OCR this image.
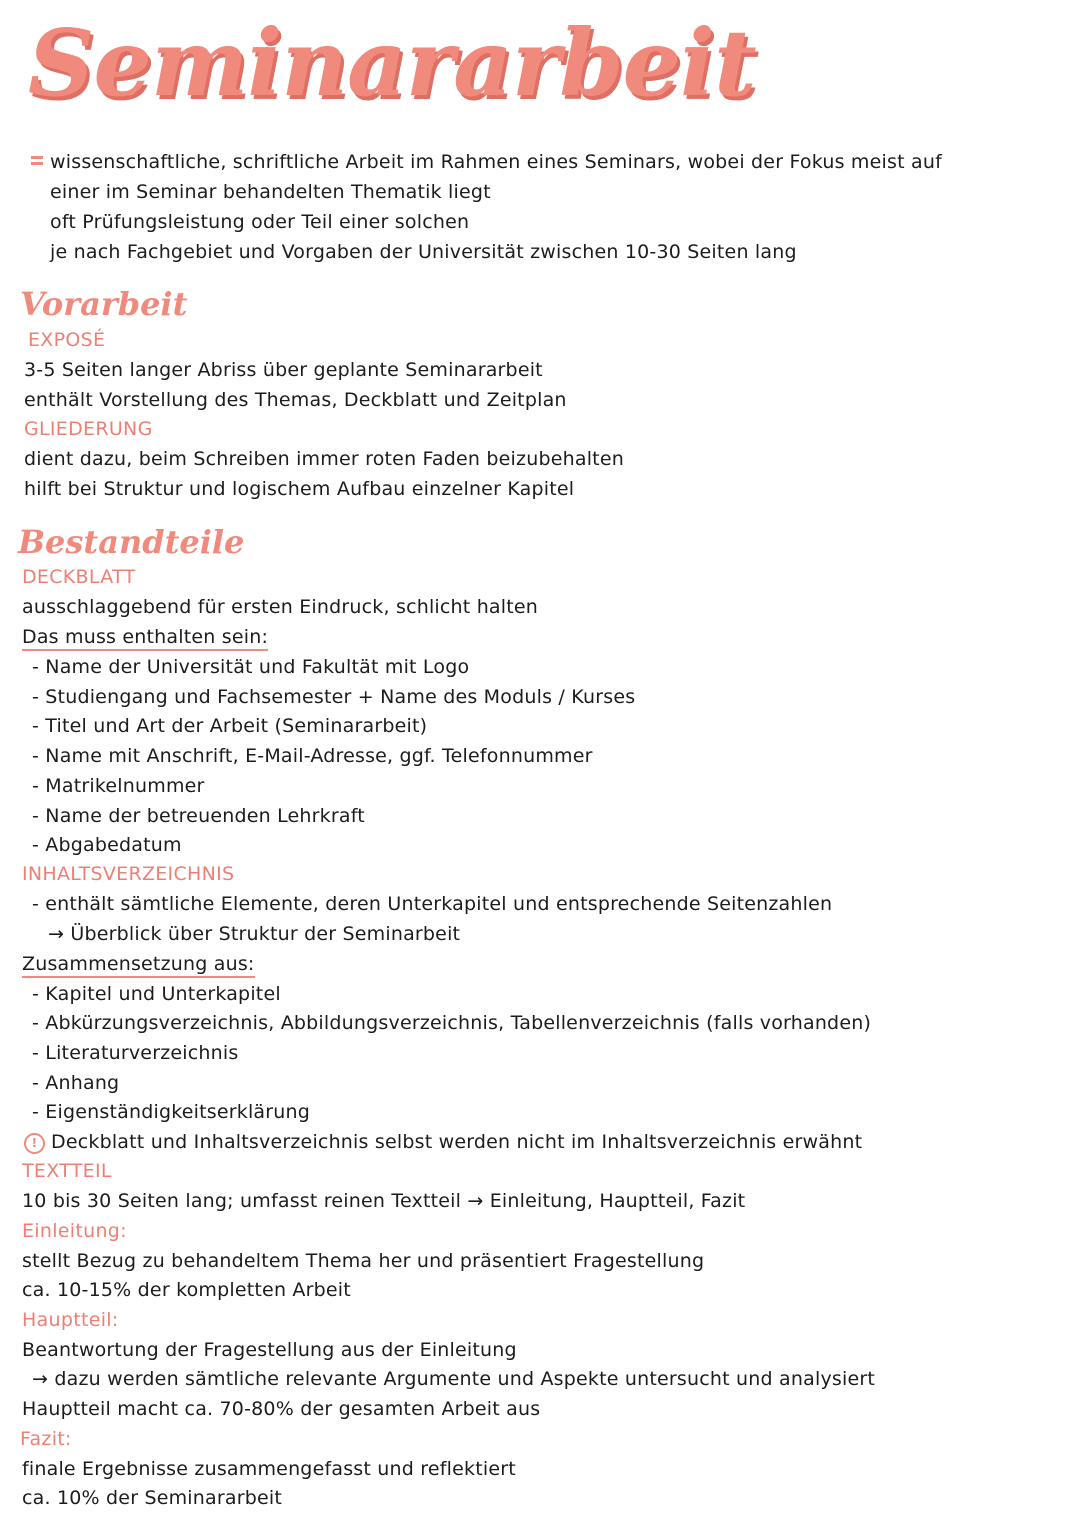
Seminararbeit
wissenschaftliche, schriftliche Arbeit im Rahmen eines Seminars, wobei der Fokus meist auf
einer im Seminar behandelten Thematik liegt
oft Prüfungsleistung oder Teil einer solchen
je nach Fachgebiet und Vorgaben der Universität zwischen 10-30 Seiten lang
Vorarbeit
EXPOSÉ
3-5 Seiten langer Abriss über geplante Seminararbeit
enthält Vorstellung des Themas, Deckblatt und Zeitplan
GLIEDERUNG
dient dazu, beim Schreiben immer roten Faden beizubehalten
hilft bei Struktur und logischem Aufbau einzelner Kapitel
Bestandteile
DECKBLATT
ausschlaggebend für ersten Eindruck, schlicht halten
Das muss enthalten sein:
- Name der Universität und Fakultät mit Logo
- Studiengang und Fachsemester + Name des Moduls / Kurses
- Titel und Art der Arbeit (Seminararbeit)
- Name mit Anschrift, E-Mail-Adresse, ggf. Telefonnummer
- Matrikelnummer
- Name der betreuenden Lehrkraft
- Abgabedatum
INHALTSVERZEICHNIS
- enthält sämtliche Elemente, deren Unterkapitel und entsprechende Seitenzahlen
→ Überblick über Struktur der Seminarbeit
Zusammensetzung aus:
- Kapitel und Unterkapitel
- Abkürzungsverzeichnis, Abbildungsverzeichnis, Tabellenverzeichnis (falls vorhanden)
- Literaturverzeichnis
- Anhang
- Eigenständigkeitserklärung
! Deckblatt und Inhaltsverzeichnis selbst werden nicht im Inhaltsverzeichnis erwähnt
TEXTTEIL
10 bis 30 Seiten lang; umfasst reinen Textteil → Einleitung, Hauptteil, Fazit
Einleitung:
stellt Bezug zu behandeltem Thema her und präsentiert Fragestellung
ca. 10-15% der kompletten Arbeit
Hauptteil:
Beantwortung der Fragestellung aus der Einleitung
→ dazu werden sämtliche relevante Argumente und Aspekte untersucht und analysiert
Hauptteil macht ca. 70-80% der gesamten Arbeit aus
Fazit:
finale Ergebnisse zusammengefasst und reflektiert
ca. 10% der Seminararbeit
